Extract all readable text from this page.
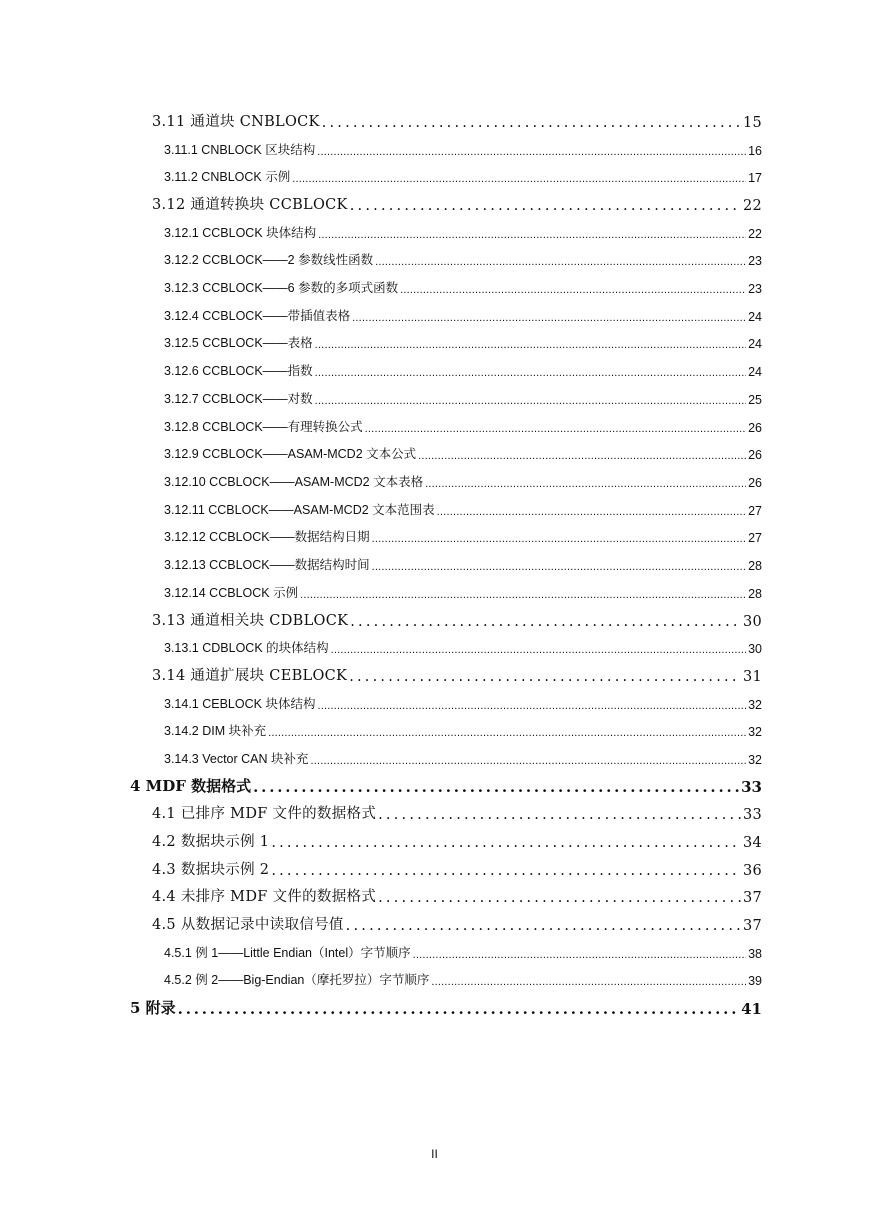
3.11 通道块 CNBLOCK .....	15
3.11.1 CNBLOCK 区块结构 .....	16
3.11.2 CNBLOCK 示例 .....	17
3.12 通道转换块 CCBLOCK .....	22
3.12.1 CCBLOCK 块体结构 .....	22
3.12.2 CCBLOCK——2 参数线性函数 .....	23
3.12.3 CCBLOCK——6 参数的多项式函数 .....	23
3.12.4 CCBLOCK——带插值表格 .....	24
3.12.5 CCBLOCK——表格 .....	24
3.12.6 CCBLOCK——指数 .....	24
3.12.7 CCBLOCK——对数 .....	25
3.12.8 CCBLOCK——有理转换公式 .....	26
3.12.9 CCBLOCK——ASAM-MCD2 文本公式 .....	26
3.12.10 CCBLOCK——ASAM-MCD2 文本表格 .....	26
3.12.11 CCBLOCK——ASAM-MCD2 文本范围表 .....	27
3.12.12 CCBLOCK——数据结构日期 .....	27
3.12.13 CCBLOCK——数据结构时间 .....	28
3.12.14 CCBLOCK 示例 .....	28
3.13 通道相关块 CDBLOCK .....	30
3.13.1 CDBLOCK 的块体结构 .....	30
3.14 通道扩展块 CEBLOCK .....	31
3.14.1 CEBLOCK 块体结构 .....	32
3.14.2 DIM 块补充 .....	32
3.14.3 Vector CAN 块补充 .....	32
4 MDF 数据格式 .....	33
4.1 已排序 MDF 文件的数据格式 .....	33
4.2 数据块示例 1 .....	34
4.3 数据块示例 2 .....	36
4.4 未排序 MDF 文件的数据格式 .....	37
4.5 从数据记录中读取信号值 .....	37
4.5.1 例 1——Little Endian（Intel）字节顺序 .....	38
4.5.2 例 2——Big-Endian（摩托罗拉）字节顺序 .....	39
5 附录 .....	41
II
